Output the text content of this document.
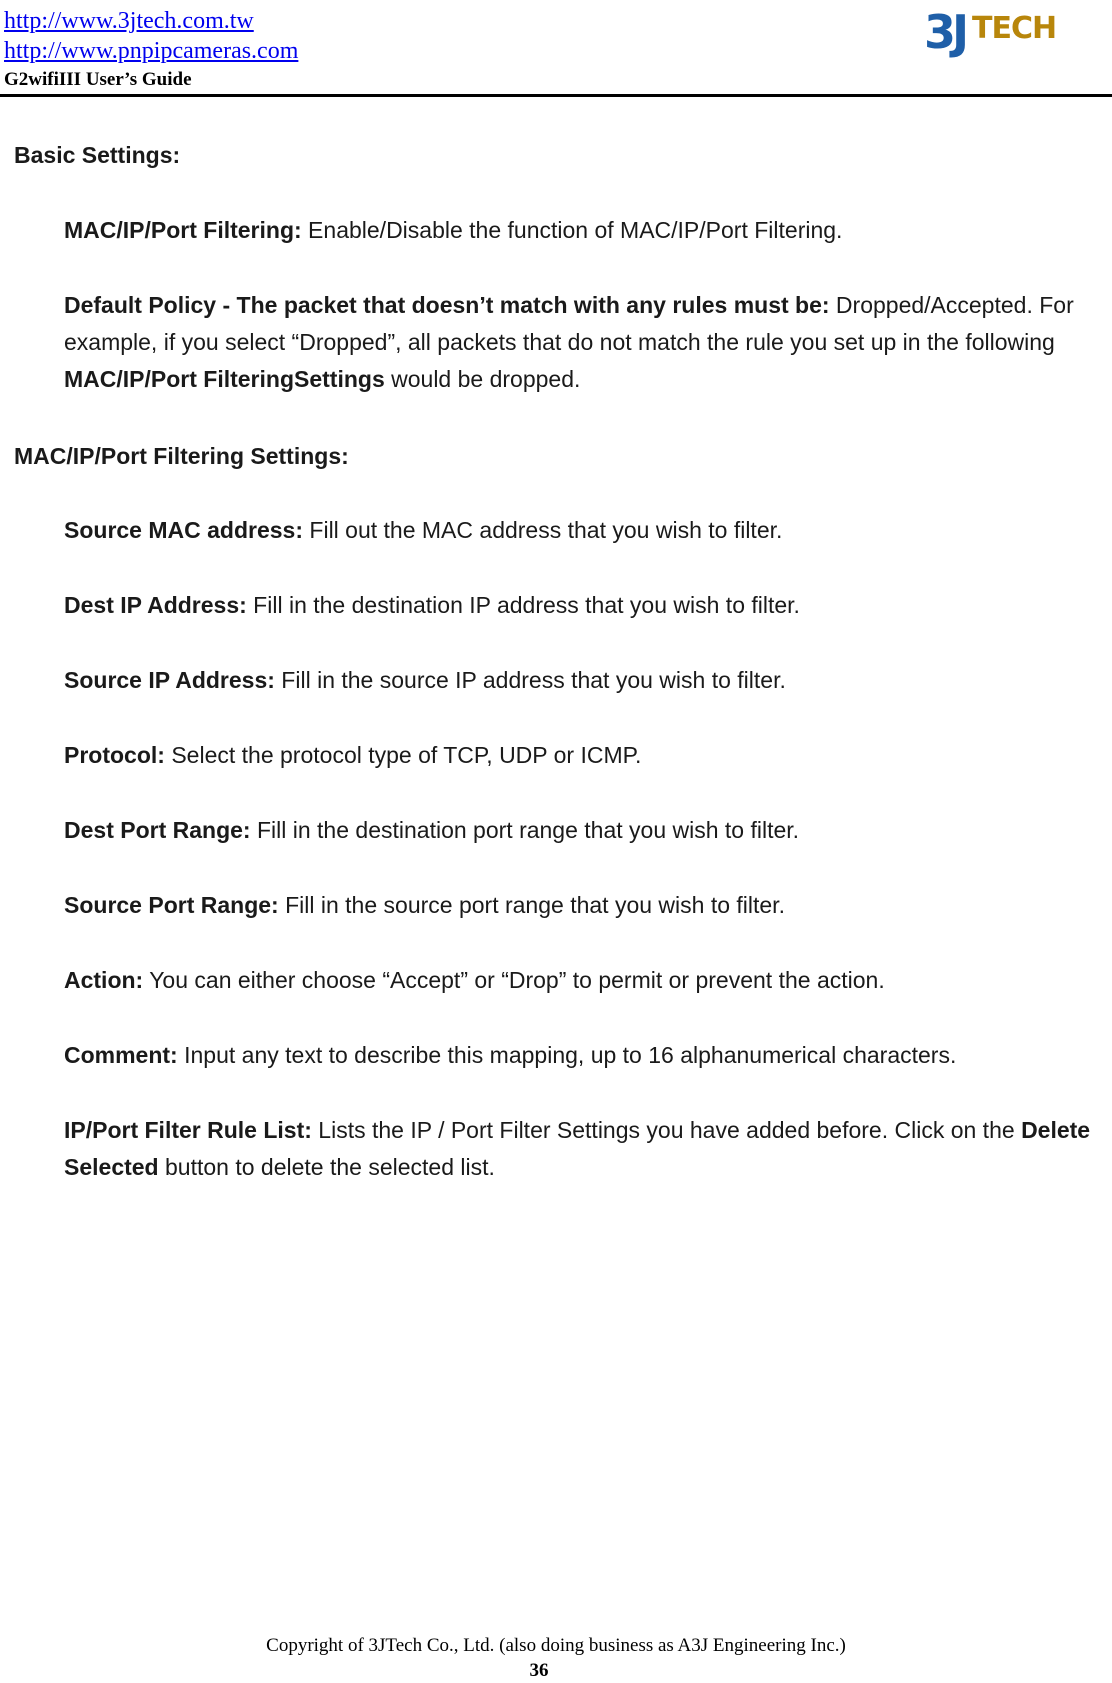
http://www.3jtech.com.tw
http://www.pnpipcameras.com
G2wifiIII User’s Guide
3J TECH
Basic Settings:
MAC/IP/Port Filtering: Enable/Disable the function of MAC/IP/Port Filtering.
Default Policy - The packet that doesn’t match with any rules must be: Dropped/Accepted. For example, if you select “Dropped”, all packets that do not match the rule you set up in the following MAC/IP/Port FilteringSettings would be dropped.
MAC/IP/Port Filtering Settings:
Source MAC address: Fill out the MAC address that you wish to filter.
Dest IP Address: Fill in the destination IP address that you wish to filter.
Source IP Address: Fill in the source IP address that you wish to filter.
Protocol: Select the protocol type of TCP, UDP or ICMP.
Dest Port Range: Fill in the destination port range that you wish to filter.
Source Port Range: Fill in the source port range that you wish to filter.
Action: You can either choose “Accept” or “Drop” to permit or prevent the action.
Comment: Input any text to describe this mapping, up to 16 alphanumerical characters.
IP/Port Filter Rule List: Lists the IP / Port Filter Settings you have added before. Click on the Delete Selected button to delete the selected list.
Copyright of 3JTech Co., Ltd. (also doing business as A3J Engineering Inc.)
36
